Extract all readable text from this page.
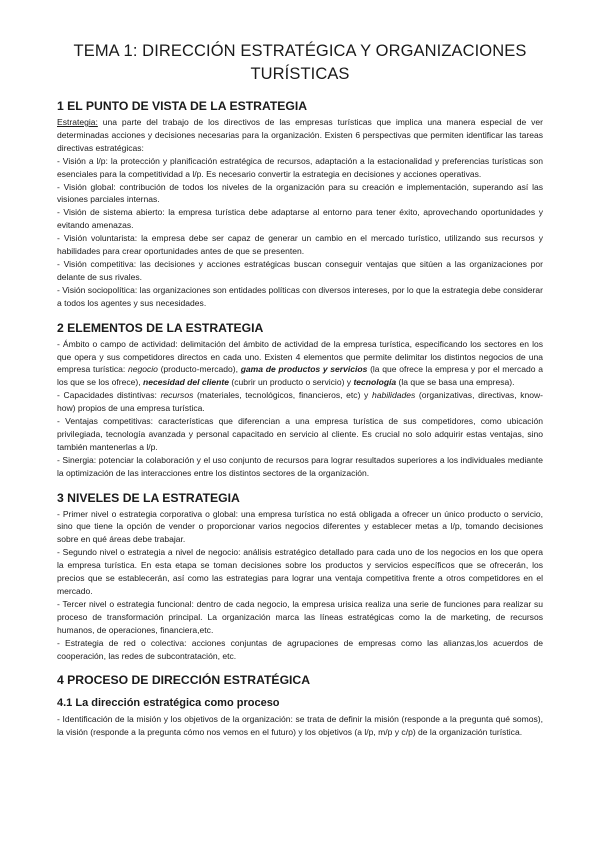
TEMA 1: DIRECCIÓN ESTRATÉGICA Y ORGANIZACIONES TURÍSTICAS
1 EL PUNTO DE VISTA DE LA ESTRATEGIA

Estrategia: una parte del trabajo de los directivos de las empresas turísticas que implica una manera especial de ver determinadas acciones y decisiones necesarias para la organización. Existen 6 perspectivas que permiten identificar las tareas directivas estratégicas:

- Visión a l/p: la protección y planificación estratégica de recursos, adaptación a la estacionalidad y preferencias turísticas son esenciales para la competitividad a l/p. Es necesario convertir la estrategia en decisiones y acciones operativas.

- Visión global: contribución de todos los niveles de la organización para su creación e implementación, superando así las visiones parciales internas.

- Visión de sistema abierto: la empresa turística debe adaptarse al entorno para tener éxito, aprovechando oportunidades y evitando amenazas.

- Visión voluntarista: la empresa debe ser capaz de generar un cambio en el mercado turístico, utilizando sus recursos y habilidades para crear oportunidades antes de que se presenten.

- Visión competitiva: las decisiones y acciones estratégicas buscan conseguir ventajas que sitúen a las organizaciones por delante de sus rivales.

- Visión sociopolítica: las organizaciones son entidades políticas con diversos intereses, por lo que la estrategia debe considerar a todos los agentes y sus necesidades.

2 ELEMENTOS DE LA ESTRATEGIA

- Ámbito o campo de actividad: delimitación del ámbito de actividad de la empresa turística, especificando los sectores en los que opera y sus competidores directos en cada uno. Existen 4 elementos que permite delimitar los distintos negocios de una empresa turística: negocio (producto-mercado), gama de productos y servicios (la que ofrece la empresa y por el mercado a los que se los ofrece), necesidad del cliente (cubrir un producto o servicio) y tecnología (la que se basa una empresa).

- Capacidades distintivas: recursos (materiales, tecnológicos, financieros, etc) y habilidades (organizativas, directivas, know-how) propios de una empresa turística.

- Ventajas competitivas: características que diferencian a una empresa turística de sus competidores, como ubicación privilegiada, tecnología avanzada y personal capacitado en servicio al cliente. Es crucial no solo adquirir estas ventajas, sino también mantenerlas a l/p.

- Sinergia: potenciar la colaboración y el uso conjunto de recursos para lograr resultados superiores a los individuales mediante la optimización de las interacciones entre los distintos sectores de la organización.

3 NIVELES DE LA ESTRATEGIA

- Primer nivel o estrategia corporativa o global: una empresa turística no está obligada a ofrecer un único producto o servicio, sino que tiene la opción de vender o proporcionar varios negocios diferentes y establecer metas a l/p, tomando decisiones sobre en qué áreas debe trabajar.

- Segundo nivel o estrategia a nivel de negocio: análisis estratégico detallado para cada uno de los negocios en los que opera la empresa turística. En esta etapa se toman decisiones sobre los productos y servicios específicos que se ofrecerán, los precios que se establecerán, así como las estrategias para lograr una ventaja competitiva frente a otros competidores en el mercado.

- Tercer nivel o estrategia funcional: dentro de cada negocio, la empresa urisica realiza una serie de funciones para realizar su proceso de transformación principal. La organización marca las líneas estratégicas como la de marketing, de recursos humanos, de operaciones, financiera,etc.

- Estrategia de red o colectiva: acciones conjuntas de agrupaciones de empresas como las alianzas,los acuerdos de cooperación, las redes de subcontratación, etc.

4 PROCESO DE DIRECCIÓN ESTRATÉGICA
4.1 La dirección estratégica como proceso

- Identificación de la misión y los objetivos de la organización: se trata de definir la misión (responde a la pregunta qué somos), la visión (responde a la pregunta cómo nos vemos en el futuro) y los objetivos (a l/p, m/p y c/p) de la organización turística.
